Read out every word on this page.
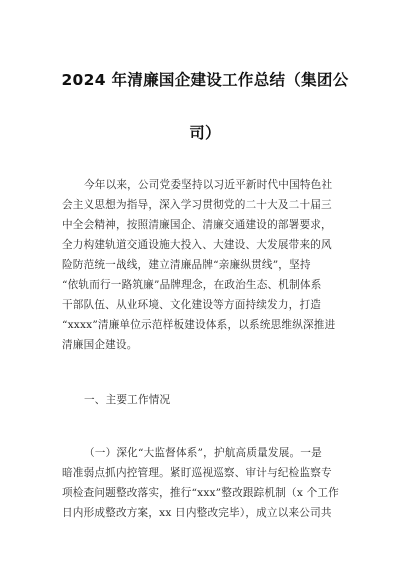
2024 年清廉国企建设工作总结（集团公
司）
今年以来，公司党委坚持以习近平新时代中国特色社
会主义思想为指导，深入学习贯彻党的二十大及二十届三
中全会精神，按照清廉国企、清廉交通建设的部署要求，
全力构建轨道交通设施大投入、大建设、大发展带来的风
险防范统一战线，建立清廉品牌“亲廉纵贯线”，坚持
“依轨而行一路筑廉”品牌理念，在政治生态、机制体系
干部队伍、从业环境、文化建设等方面持续发力，打造
“xxxx”清廉单位示范样板建设体系，以系统思维纵深推进
清廉国企建设。
一、主要工作情况
（一）深化“大监督体系”，护航高质量发展。一是
暗准弱点抓内控管理。紧盯巡视巡察、审计与纪检监察专
项检查问题整改落实，推行“xxx”整改跟踪机制（x 个工作
日内形成整改方案，xx 日内整改完毕），成立以来公司共
